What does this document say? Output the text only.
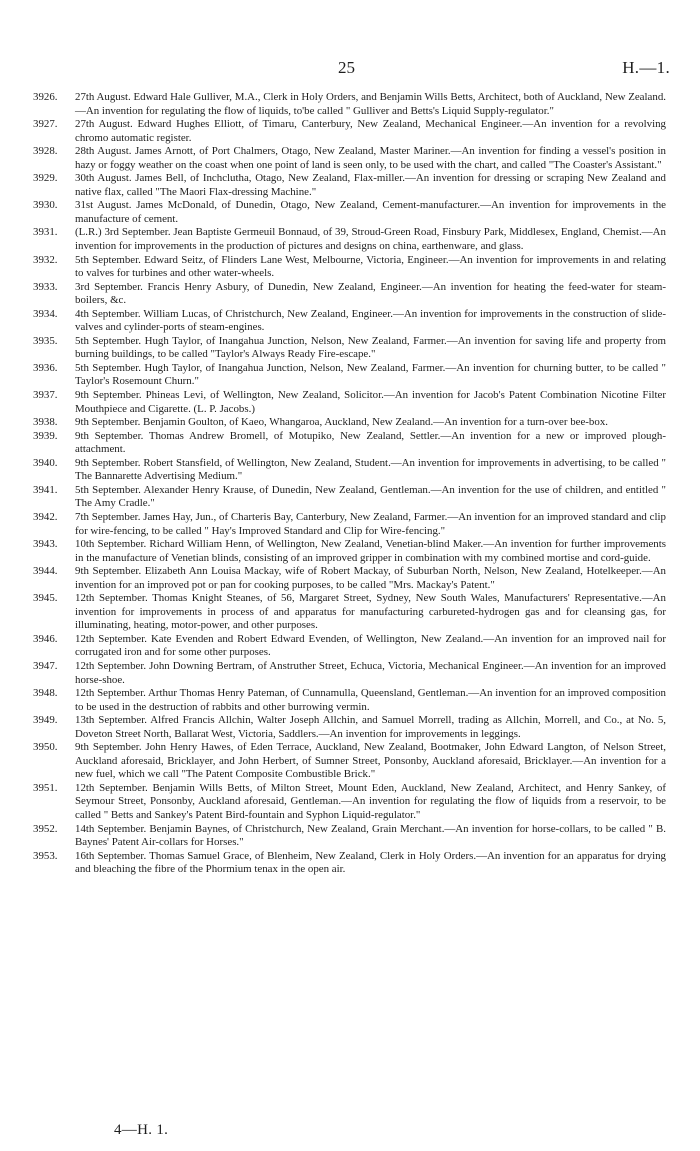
25	H.—1.
3926. 27th August. Edward Hale Gulliver, M.A., Clerk in Holy Orders, and Benjamin Wills Betts, Architect, both of Auckland, New Zealand.—An invention for regulating the flow of liquids, to'be called " Gulliver and Betts's Liquid Supply-regulator."
3927. 27th August. Edward Hughes Elliott, of Timaru, Canterbury, New Zealand, Mechanical Engineer.—An invention for a revolving chromo automatic register.
3928. 28th August. James Arnott, of Port Chalmers, Otago, New Zealand, Master Mariner.—An invention for finding a vessel's position in hazy or foggy weather on the coast when one point of land is seen only, to be used with the chart, and called "The Coaster's Assistant."
3929. 30th August. James Bell, of Inchclutha, Otago, New Zealand, Flax-miller.—An invention for dressing or scraping New Zealand and native flax, called "The Maori Flax-dressing Machine."
3930. 31st August. James McDonald, of Dunedin, Otago, New Zealand, Cement-manufacturer.—An invention for improvements in the manufacture of cement.
3931. (L.R.) 3rd September. Jean Baptiste Germeuil Bonnaud, of 39, Stroud-Green Road, Finsbury Park, Middlesex, England, Chemist.—An invention for improvements in the production of pictures and designs on china, earthenware, and glass.
3932. 5th September. Edward Seitz, of Flinders Lane West, Melbourne, Victoria, Engineer.—An invention for improvements in and relating to valves for turbines and other water-wheels.
3933. 3rd September. Francis Henry Asbury, of Dunedin, New Zealand, Engineer.—An invention for heating the feed-water for steam-boilers, &c.
3934. 4th September. William Lucas, of Christchurch, New Zealand, Engineer.—An invention for improvements in the construction of slide-valves and cylinder-ports of steam-engines.
3935. 5th September. Hugh Taylor, of Inangahua Junction, Nelson, New Zealand, Farmer.—An invention for saving life and property from burning buildings, to be called "Taylor's Always Ready Fire-escape."
3936. 5th September. Hugh Taylor, of Inangahua Junction, Nelson, New Zealand, Farmer.—An invention for churning butter, to be called " Taylor's Rosemount Churn."
3937. 9th September. Phineas Levi, of Wellington, New Zealand, Solicitor.—An invention for Jacob's Patent Combination Nicotine Filter Mouthpiece and Cigarette. (L. P. Jacobs.)
3938. 9th September. Benjamin Goulton, of Kaeo, Whangaroa, Auckland, New Zealand.—An invention for a turn-over bee-box.
3939. 9th September. Thomas Andrew Bromell, of Motupiko, New Zealand, Settler.—An invention for a new or improved plough-attachment.
3940. 9th September. Robert Stansfield, of Wellington, New Zealand, Student.—An invention for improvements in advertising, to be called " The Bannarette Advertising Medium."
3941. 5th September. Alexander Henry Krause, of Dunedin, New Zealand, Gentleman.—An invention for the use of children, and entitled " The Amy Cradle."
3942. 7th September. James Hay, Jun., of Charteris Bay, Canterbury, New Zealand, Farmer.—An invention for an improved standard and clip for wire-fencing, to be called " Hay's Improved Standard and Clip for Wire-fencing."
3943. 10th September. Richard William Henn, of Wellington, New Zealand, Venetian-blind Maker.—An invention for further improvements in the manufacture of Venetian blinds, consisting of an improved gripper in combination with my combined mortise and cord-guide.
3944. 9th September. Elizabeth Ann Louisa Mackay, wife of Robert Mackay, of Suburban North, Nelson, New Zealand, Hotelkeeper.—An invention for an improved pot or pan for cooking purposes, to be called "Mrs. Mackay's Patent."
3945. 12th September. Thomas Knight Steanes, of 56, Margaret Street, Sydney, New South Wales, Manufacturers' Representative.—An invention for improvements in process of and apparatus for manufacturing carbureted-hydrogen gas and for cleansing gas, for illuminating, heating, motor-power, and other purposes.
3946. 12th September. Kate Evenden and Robert Edward Evenden, of Wellington, New Zealand.—An invention for an improved nail for corrugated iron and for some other purposes.
3947. 12th September. John Downing Bertram, of Anstruther Street, Echuca, Victoria, Mechanical Engineer.—An invention for an improved horse-shoe.
3948. 12th September. Arthur Thomas Henry Pateman, of Cunnamulla, Queensland, Gentleman.—An invention for an improved composition to be used in the destruction of rabbits and other burrowing vermin.
3949. 13th September. Alfred Francis Allchin, Walter Joseph Allchin, and Samuel Morrell, trading as Allchin, Morrell, and Co., at No. 5, Doveton Street North, Ballarat West, Victoria, Saddlers.—An invention for improvements in leggings.
3950. 9th September. John Henry Hawes, of Eden Terrace, Auckland, New Zealand, Bootmaker, John Edward Langton, of Nelson Street, Auckland aforesaid, Bricklayer, and John Herbert, of Sumner Street, Ponsonby, Auckland aforesaid, Bricklayer.—An invention for a new fuel, which we call "The Patent Composite Combustible Brick."
3951. 12th September. Benjamin Wills Betts, of Milton Street, Mount Eden, Auckland, New Zealand, Architect, and Henry Sankey, of Seymour Street, Ponsonby, Auckland aforesaid, Gentleman.—An invention for regulating the flow of liquids from a reservoir, to be called " Betts and Sankey's Patent Bird-fountain and Syphon Liquid-regulator."
3952. 14th September. Benjamin Baynes, of Christchurch, New Zealand, Grain Merchant.—An invention for horse-collars, to be called " B. Baynes' Patent Air-collars for Horses."
3953. 16th September. Thomas Samuel Grace, of Blenheim, New Zealand, Clerk in Holy Orders.—An invention for an apparatus for drying and bleaching the fibre of the Phormium tenax in the open air.
4—H. 1.
